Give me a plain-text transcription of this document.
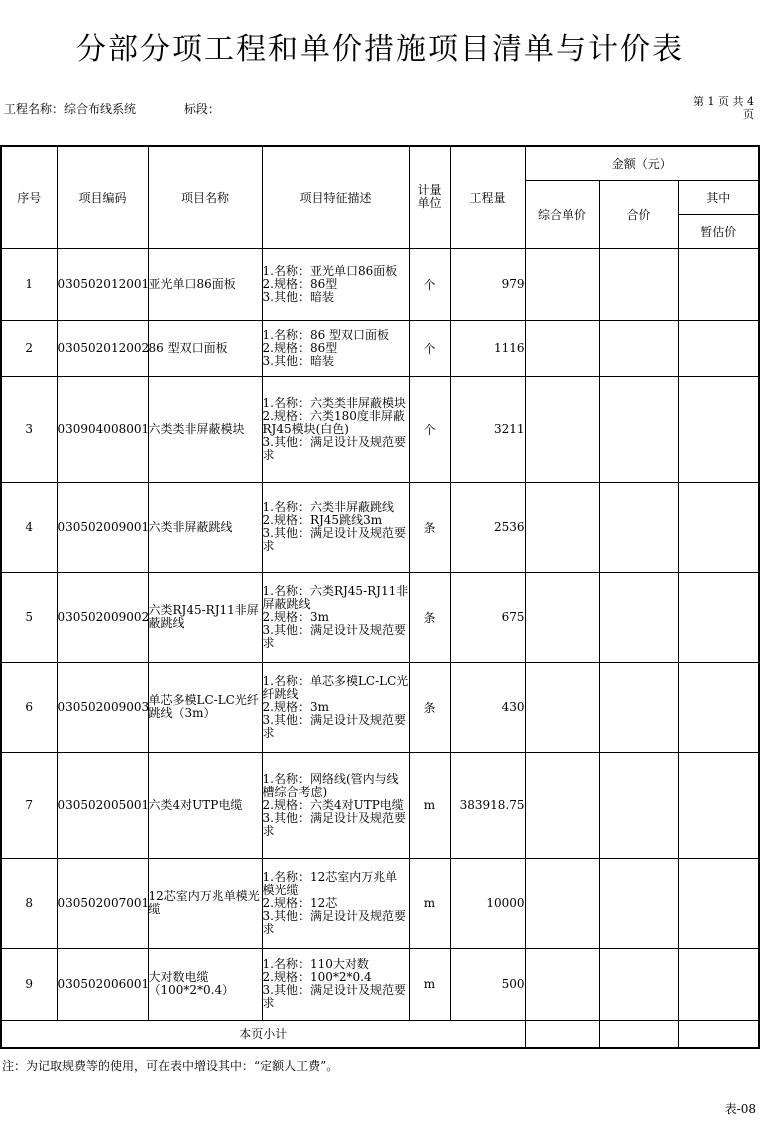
分部分项工程和单价措施项目清单与计价表
工程名称：综合布线系统	标段：
第 1 页 共 4
页
序号	项目编码	项目名称	项目特征描述	计量单位	工程量	金额（元）		
						综合单价	合价	其中
								暂估价
1	030502012001	亚光单口86面板	1.名称：亚光单口86面板
2.规格：86型
3.其他：暗装	个	979			
2	030502012002	86 型双口面板	1.名称：86 型双口面板
2.规格：86型
3.其他：暗装	个	1116			
3	030904008001	六类类非屏蔽模块	1.名称：六类类非屏蔽模块
2.规格：六类180度非屏蔽RJ45模块(白色)
3.其他：满足设计及规范要求	个	3211			
4	030502009001	六类非屏蔽跳线	1.名称：六类非屏蔽跳线
2.规格：RJ45跳线3m
3.其他：满足设计及规范要求	条	2536			
5	030502009002	六类RJ45-RJ11非屏蔽跳线	1.名称：六类RJ45-RJ11非屏蔽跳线
2.规格：3m
3.其他：满足设计及规范要求	条	675			
6	030502009003	单芯多模LC-LC光纤跳线（3m）	1.名称：单芯多模LC-LC光纤跳线
2.规格：3m
3.其他：满足设计及规范要求	条	430			
7	030502005001	六类4对UTP电缆	1.名称：网络线(管内与线槽综合考虑)
2.规格：六类4对UTP电缆
3.其他：满足设计及规范要求	m	383918.75			
8	030502007001	12芯室内万兆单模光缆	1.名称：12芯室内万兆单模光缆
2.规格：12芯
3.其他：满足设计及规范要求	m	10000			
9	030502006001	大对数电缆（100*2*0.4）	1.名称：110大对数
2.规格：100*2*0.4
3.其他：满足设计及规范要求	m	500			
本页小计								
注：为记取规费等的使用，可在表中增设其中：“定额人工费”。
表-08
